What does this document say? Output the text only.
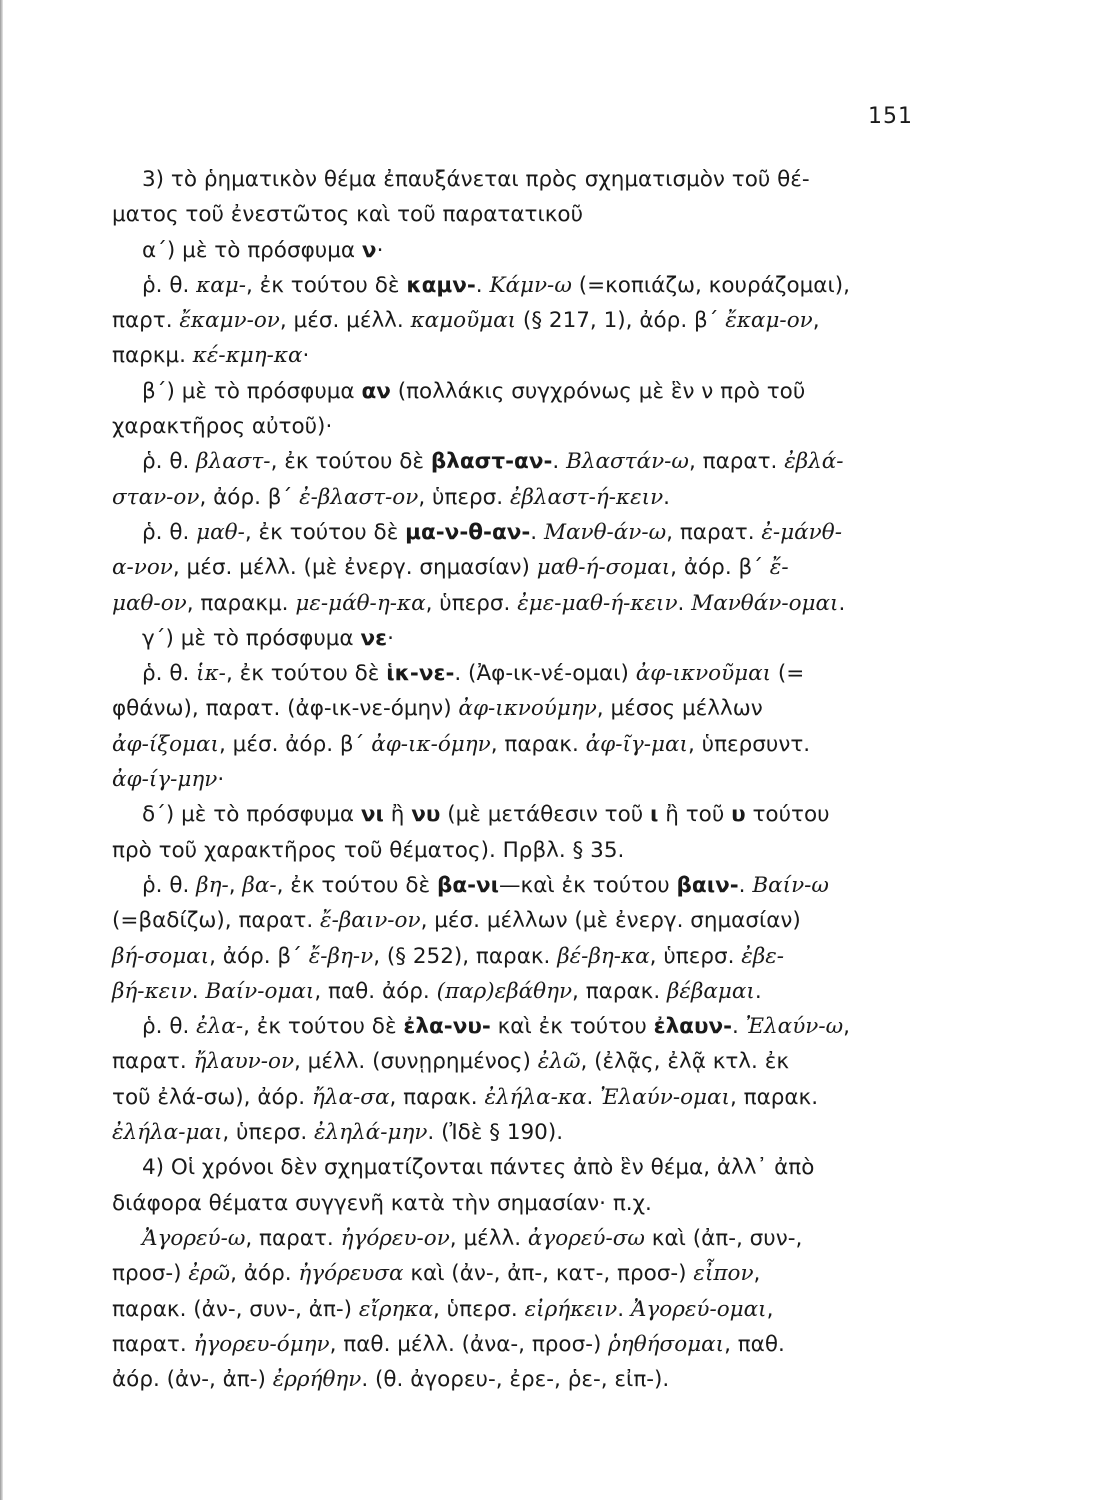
151
3) τὸ ῥηματικὸν θέμα ἐπαυξάνεται πρὸς σχηματισμὸν τοῦ θέ-
ματος τοῦ ἐνεστῶτος καὶ τοῦ παρατατικοῦ
α΄) μὲ τὸ πρόσφυμα ν·
ῥ. θ. καμ-, ἐκ τούτου δὲ καμν-. Κάμν-ω (=κοπιάζω, κουράζομαι),
παρτ. ἔκαμν-ον, μέσ. μέλλ. καμοῦμαι (§ 217, 1), ἀόρ. β΄ ἔκαμ-ον,
παρκμ. κέ-κμη-κα·
β΄) μὲ τὸ πρόσφυμα αν (πολλάκις συγχρόνως μὲ ἓν ν πρὸ τοῦ
χαρακτῆρος αὐτοῦ)·
ῥ. θ. βλαστ-, ἐκ τούτου δὲ βλαστ-αν-. Βλαστάν-ω, παρατ. ἐβλά-
σταν-ον, ἀόρ. β΄ ἐ-βλαστ-ον, ὑπερσ. ἐβλαστ-ή-κειν.
ῥ. θ. μαθ-, ἐκ τούτου δὲ μα-ν-θ-αν-. Μανθ-άν-ω, παρατ. ἐ-μάνθ-
α-νον, μέσ. μέλλ. (μὲ ἐνεργ. σημασίαν) μαθ-ή-σομαι, ἀόρ. β΄ ἔ-
μαθ-ον, παρακμ. με-μάθ-η-κα, ὑπερσ. ἐμε-μαθ-ή-κειν. Μανθάν-ομαι.
γ΄) μὲ τὸ πρόσφυμα νε·
ῥ. θ. ἱκ-, ἐκ τούτου δὲ ἱκ-νε-. (Ἀφ-ικ-νέ-ομαι) ἀφ-ικνοῦμαι (=
φθάνω), παρατ. (ἀφ-ικ-νε-όμην) ἀφ-ικνούμην, μέσος μέλλων
ἀφ-ίξομαι, μέσ. ἀόρ. β΄ ἀφ-ικ-όμην, παρακ. ἀφ-ῖγ-μαι, ὑπερσυντ.
ἀφ-ίγ-μην·
δ΄) μὲ τὸ πρόσφυμα νι ἢ νυ (μὲ μετάθεσιν τοῦ ι ἢ τοῦ υ τούτου
πρὸ τοῦ χαρακτῆρος τοῦ θέματος). Πρβλ. § 35.
ῥ. θ. βη-, βα-, ἐκ τούτου δὲ βα-νι—καὶ ἐκ τούτου βαιν-. Βαίν-ω
(=βαδίζω), παρατ. ἔ-βαιν-ον, μέσ. μέλλων (μὲ ἐνεργ. σημασίαν)
βή-σομαι, ἀόρ. β΄ ἔ-βη-ν, (§ 252), παρακ. βέ-βη-κα, ὑπερσ. ἐβε-
βή-κειν. Βαίν-ομαι, παθ. ἀόρ. (παρ)εβάθην, παρακ. βέβαμαι.
ῥ. θ. ἐλα-, ἐκ τούτου δὲ ἐλα-νυ- καὶ ἐκ τούτου ἐλαυν-. Ἐλαύν-ω,
παρατ. ἤλαυν-ον, μέλλ. (συνῃρημένος) ἐλῶ, (ἐλᾷς, ἐλᾷ κτλ. ἐκ
τοῦ ἐλά-σω), ἀόρ. ἤλα-σα, παρακ. ἐλήλα-κα. Ἐλαύν-ομαι, παρακ.
ἐλήλα-μαι, ὑπερσ. ἐληλά-μην. (Ἰδὲ § 190).
4) Οἱ χρόνοι δὲν σχηματίζονται πάντες ἀπὸ ἓν θέμα, ἀλλ᾽ ἀπὸ
διάφορα θέματα συγγενῆ κατὰ τὴν σημασίαν· π.χ.
Ἀγορεύ-ω, παρατ. ἠγόρευ-ον, μέλλ. ἀγορεύ-σω καὶ (ἀπ-, συν-,
προσ-) ἐρῶ, ἀόρ. ἠγόρευσα καὶ (ἀν-, ἀπ-, κατ-, προσ-) εἶπον,
παρακ. (ἀν-, συν-, ἀπ-) εἴρηκα, ὑπερσ. εἰρήκειν. Ἀγορεύ-ομαι,
παρατ. ἠγορευ-όμην, παθ. μέλλ. (ἀνα-, προσ-) ῥηθήσομαι, παθ.
ἀόρ. (ἀν-, ἀπ-) ἐρρήθην. (θ. ἀγορευ-, ἐρε-, ῥε-, εἰπ-).
